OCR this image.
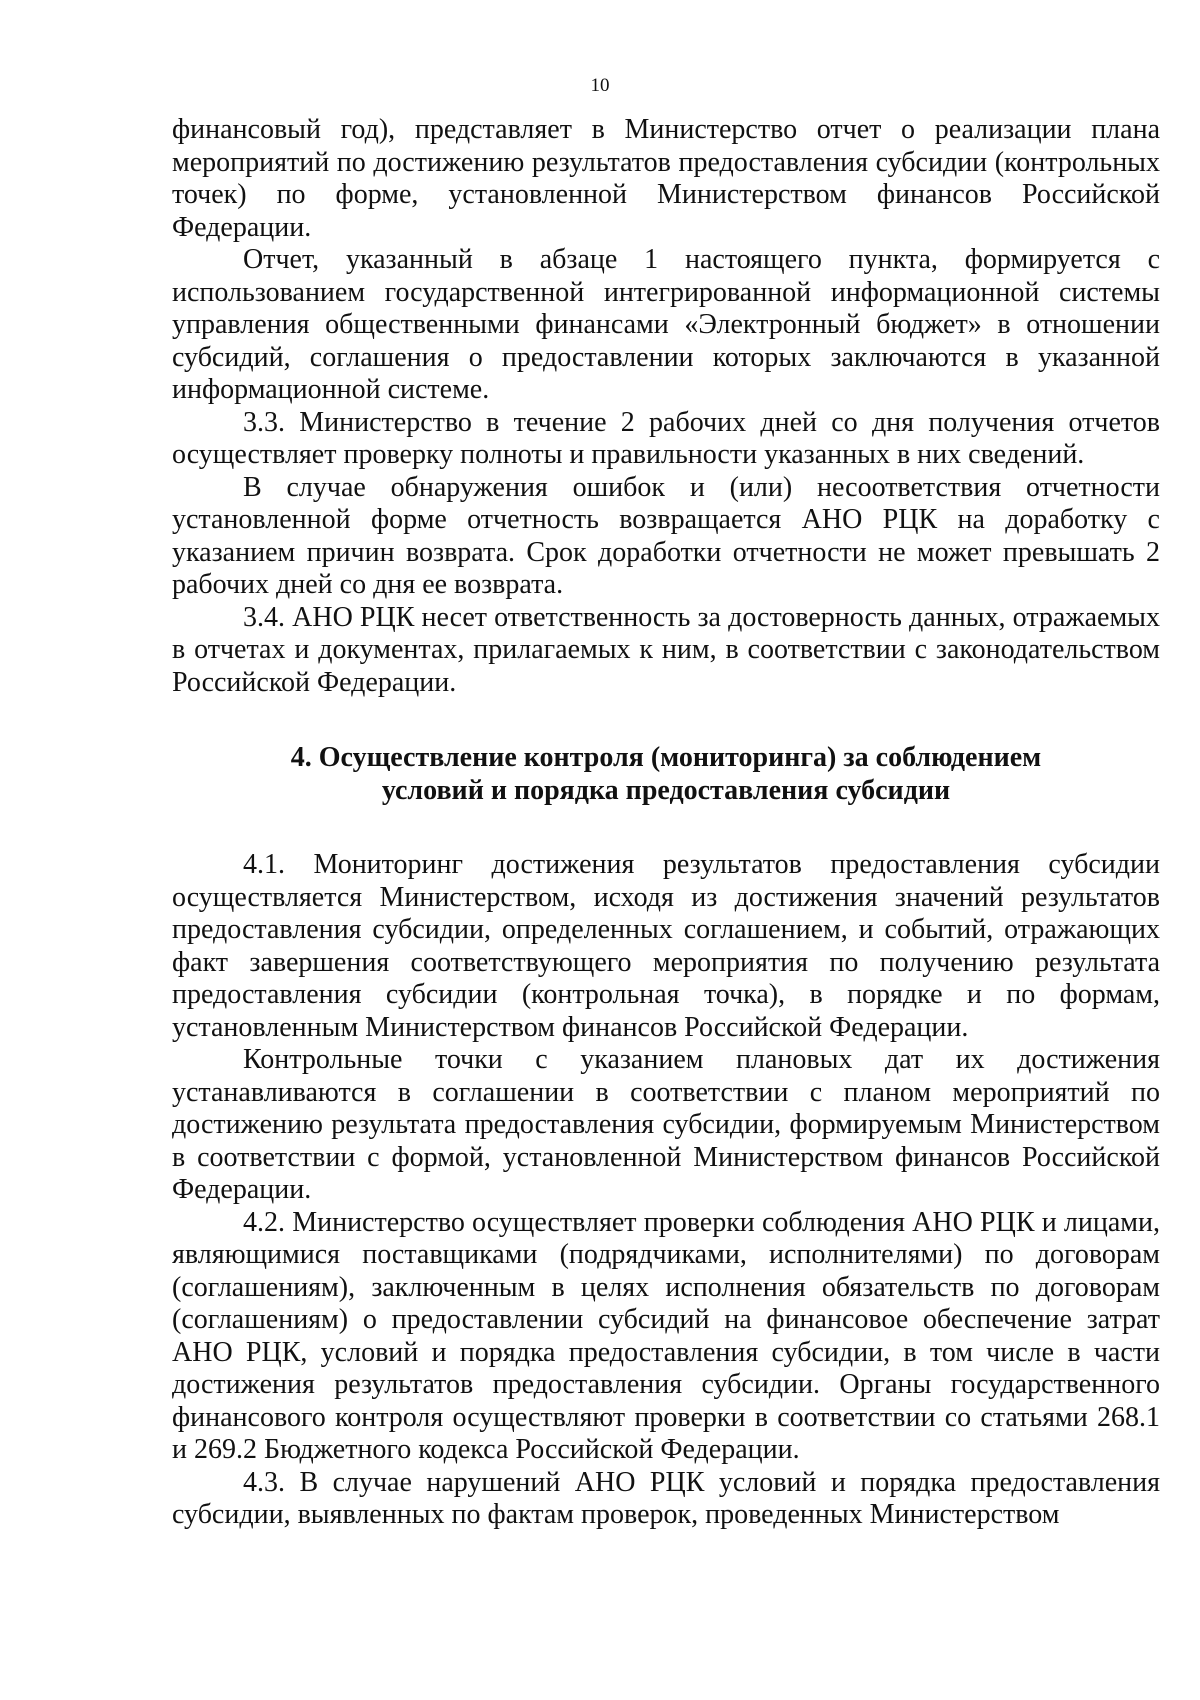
10

финансовый год), представляет в Министерство отчет о реализации плана мероприятий по достижению результатов предоставления субсидии (контрольных точек) по форме, установленной Министерством финансов Российской Федерации.

Отчет, указанный в абзаце 1 настоящего пункта, формируется с использованием государственной интегрированной информационной системы управления общественными финансами «Электронный бюджет» в отношении субсидий, соглашения о предоставлении которых заключаются в указанной информационной системе.

3.3. Министерство в течение 2 рабочих дней со дня получения отчетов осуществляет проверку полноты и правильности указанных в них сведений.

В случае обнаружения ошибок и (или) несоответствия отчетности установленной форме отчетность возвращается АНО РЦК на доработку с указанием причин возврата. Срок доработки отчетности не может превышать 2 рабочих дней со дня ее возврата.

3.4. АНО РЦК несет ответственность за достоверность данных, отражаемых в отчетах и документах, прилагаемых к ним, в соответствии с законодательством Российской Федерации.

4. Осуществление контроля (мониторинга) за соблюдением
условий и порядка предоставления субсидии

4.1. Мониторинг достижения результатов предоставления субсидии осуществляется Министерством, исходя из достижения значений результатов предоставления субсидии, определенных соглашением, и событий, отражающих факт завершения соответствующего мероприятия по получению результата предоставления субсидии (контрольная точка), в порядке и по формам, установленным Министерством финансов Российской Федерации.

Контрольные точки с указанием плановых дат их достижения устанавливаются в соглашении в соответствии с планом мероприятий по достижению результата предоставления субсидии, формируемым Министерством в соответствии с формой, установленной Министерством финансов Российской Федерации.

4.2. Министерство осуществляет проверки соблюдения АНО РЦК и лицами, являющимися поставщиками (подрядчиками, исполнителями) по договорам (соглашениям), заключенным в целях исполнения обязательств по договорам (соглашениям) о предоставлении субсидий на финансовое обеспечение затрат АНО РЦК, условий и порядка предоставления субсидии, в том числе в части достижения результатов предоставления субсидии. Органы государственного финансового контроля осуществляют проверки в соответствии со статьями 268.1 и 269.2 Бюджетного кодекса Российской Федерации.

4.3. В случае нарушений АНО РЦК условий и порядка предоставления субсидии, выявленных по фактам проверок, проведенных Министерством
